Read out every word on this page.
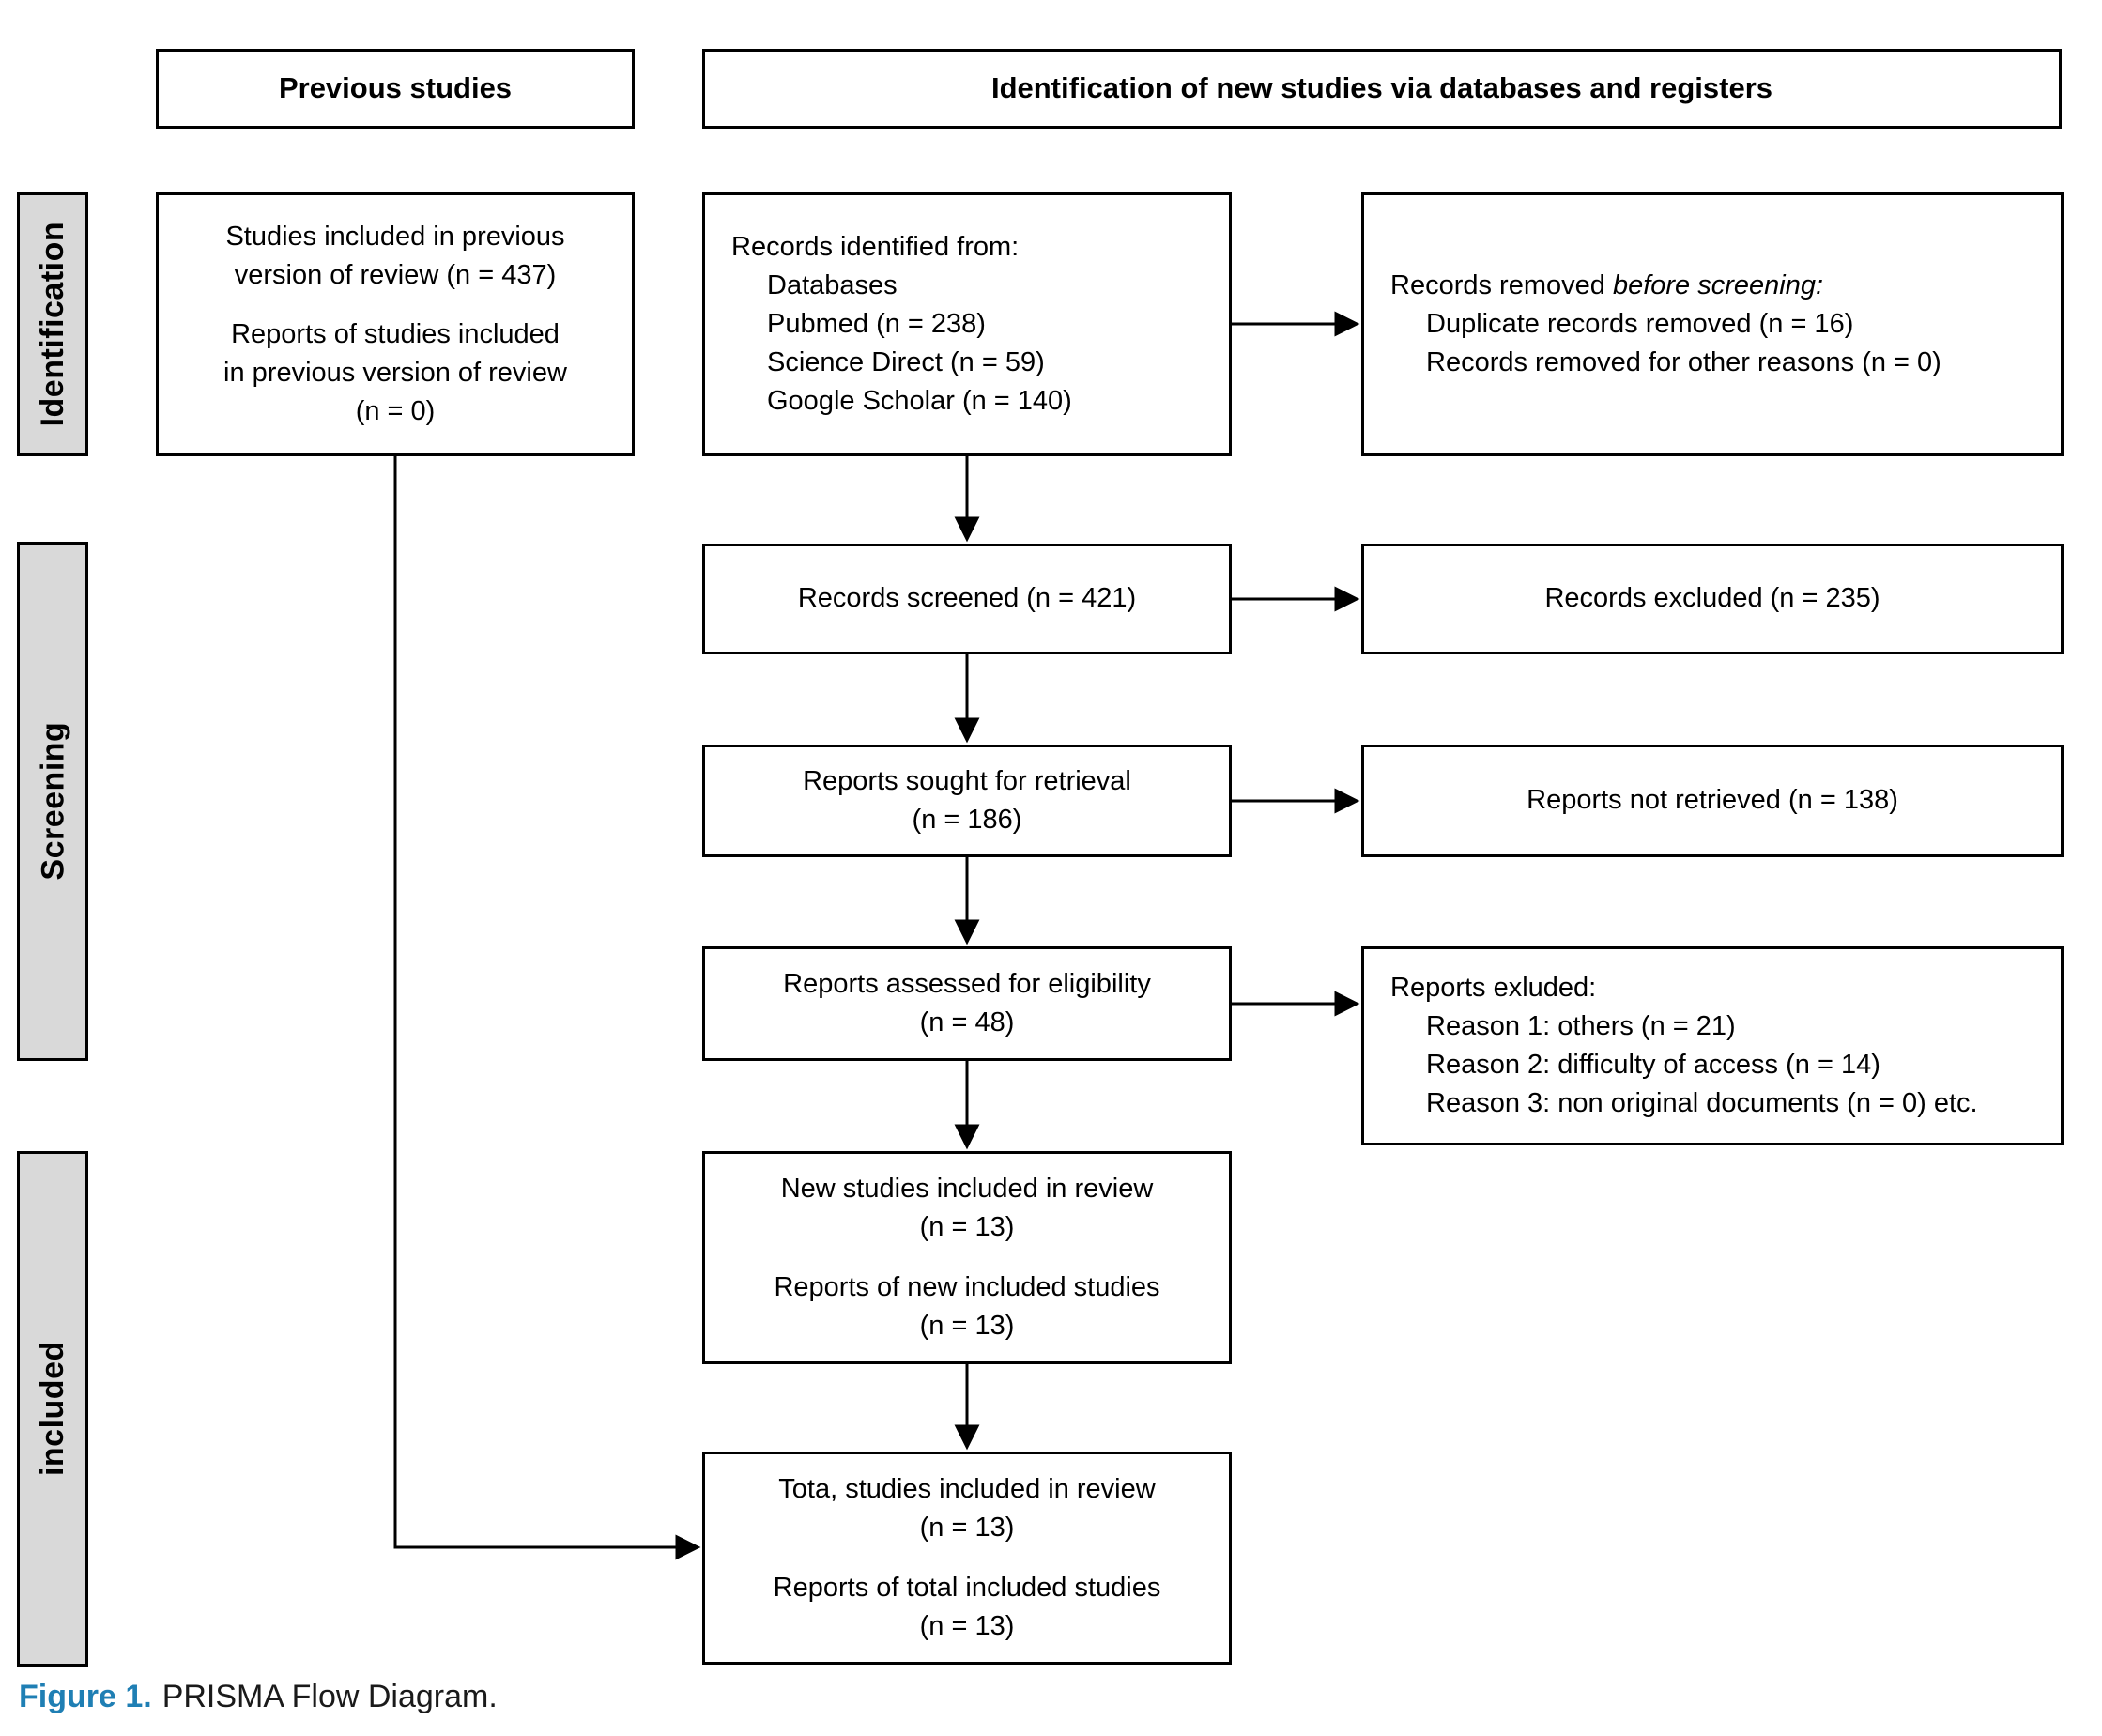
Previous studies	Identification of new studies via databases and registers
Identification
Screening
included
Studies included in previous
version of review (n = 437)
Reports of studies included
in previous version of review
(n = 0)
Records identified from:
Databases
Pubmed (n = 238)
Science Direct (n = 59)
Google Scholar (n = 140)
Records removed before screening:
Duplicate records removed (n = 16)
Records removed for other reasons (n = 0)
Records screened (n = 421)	Records excluded (n = 235)
Reports sought for retrieval
(n = 186)
Reports not retrieved (n = 138)
Reports assessed for eligibility
(n = 48)
Reports exluded:
Reason 1: others (n = 21)
Reason 2: difficulty of access (n = 14)
Reason 3: non original documents (n = 0) etc.
New studies included in review
(n = 13)
Reports of new included studies
(n = 13)
Tota, studies included in review
(n = 13)
Reports of total included studies
(n = 13)
Figure 1. PRISMA Flow Diagram.
